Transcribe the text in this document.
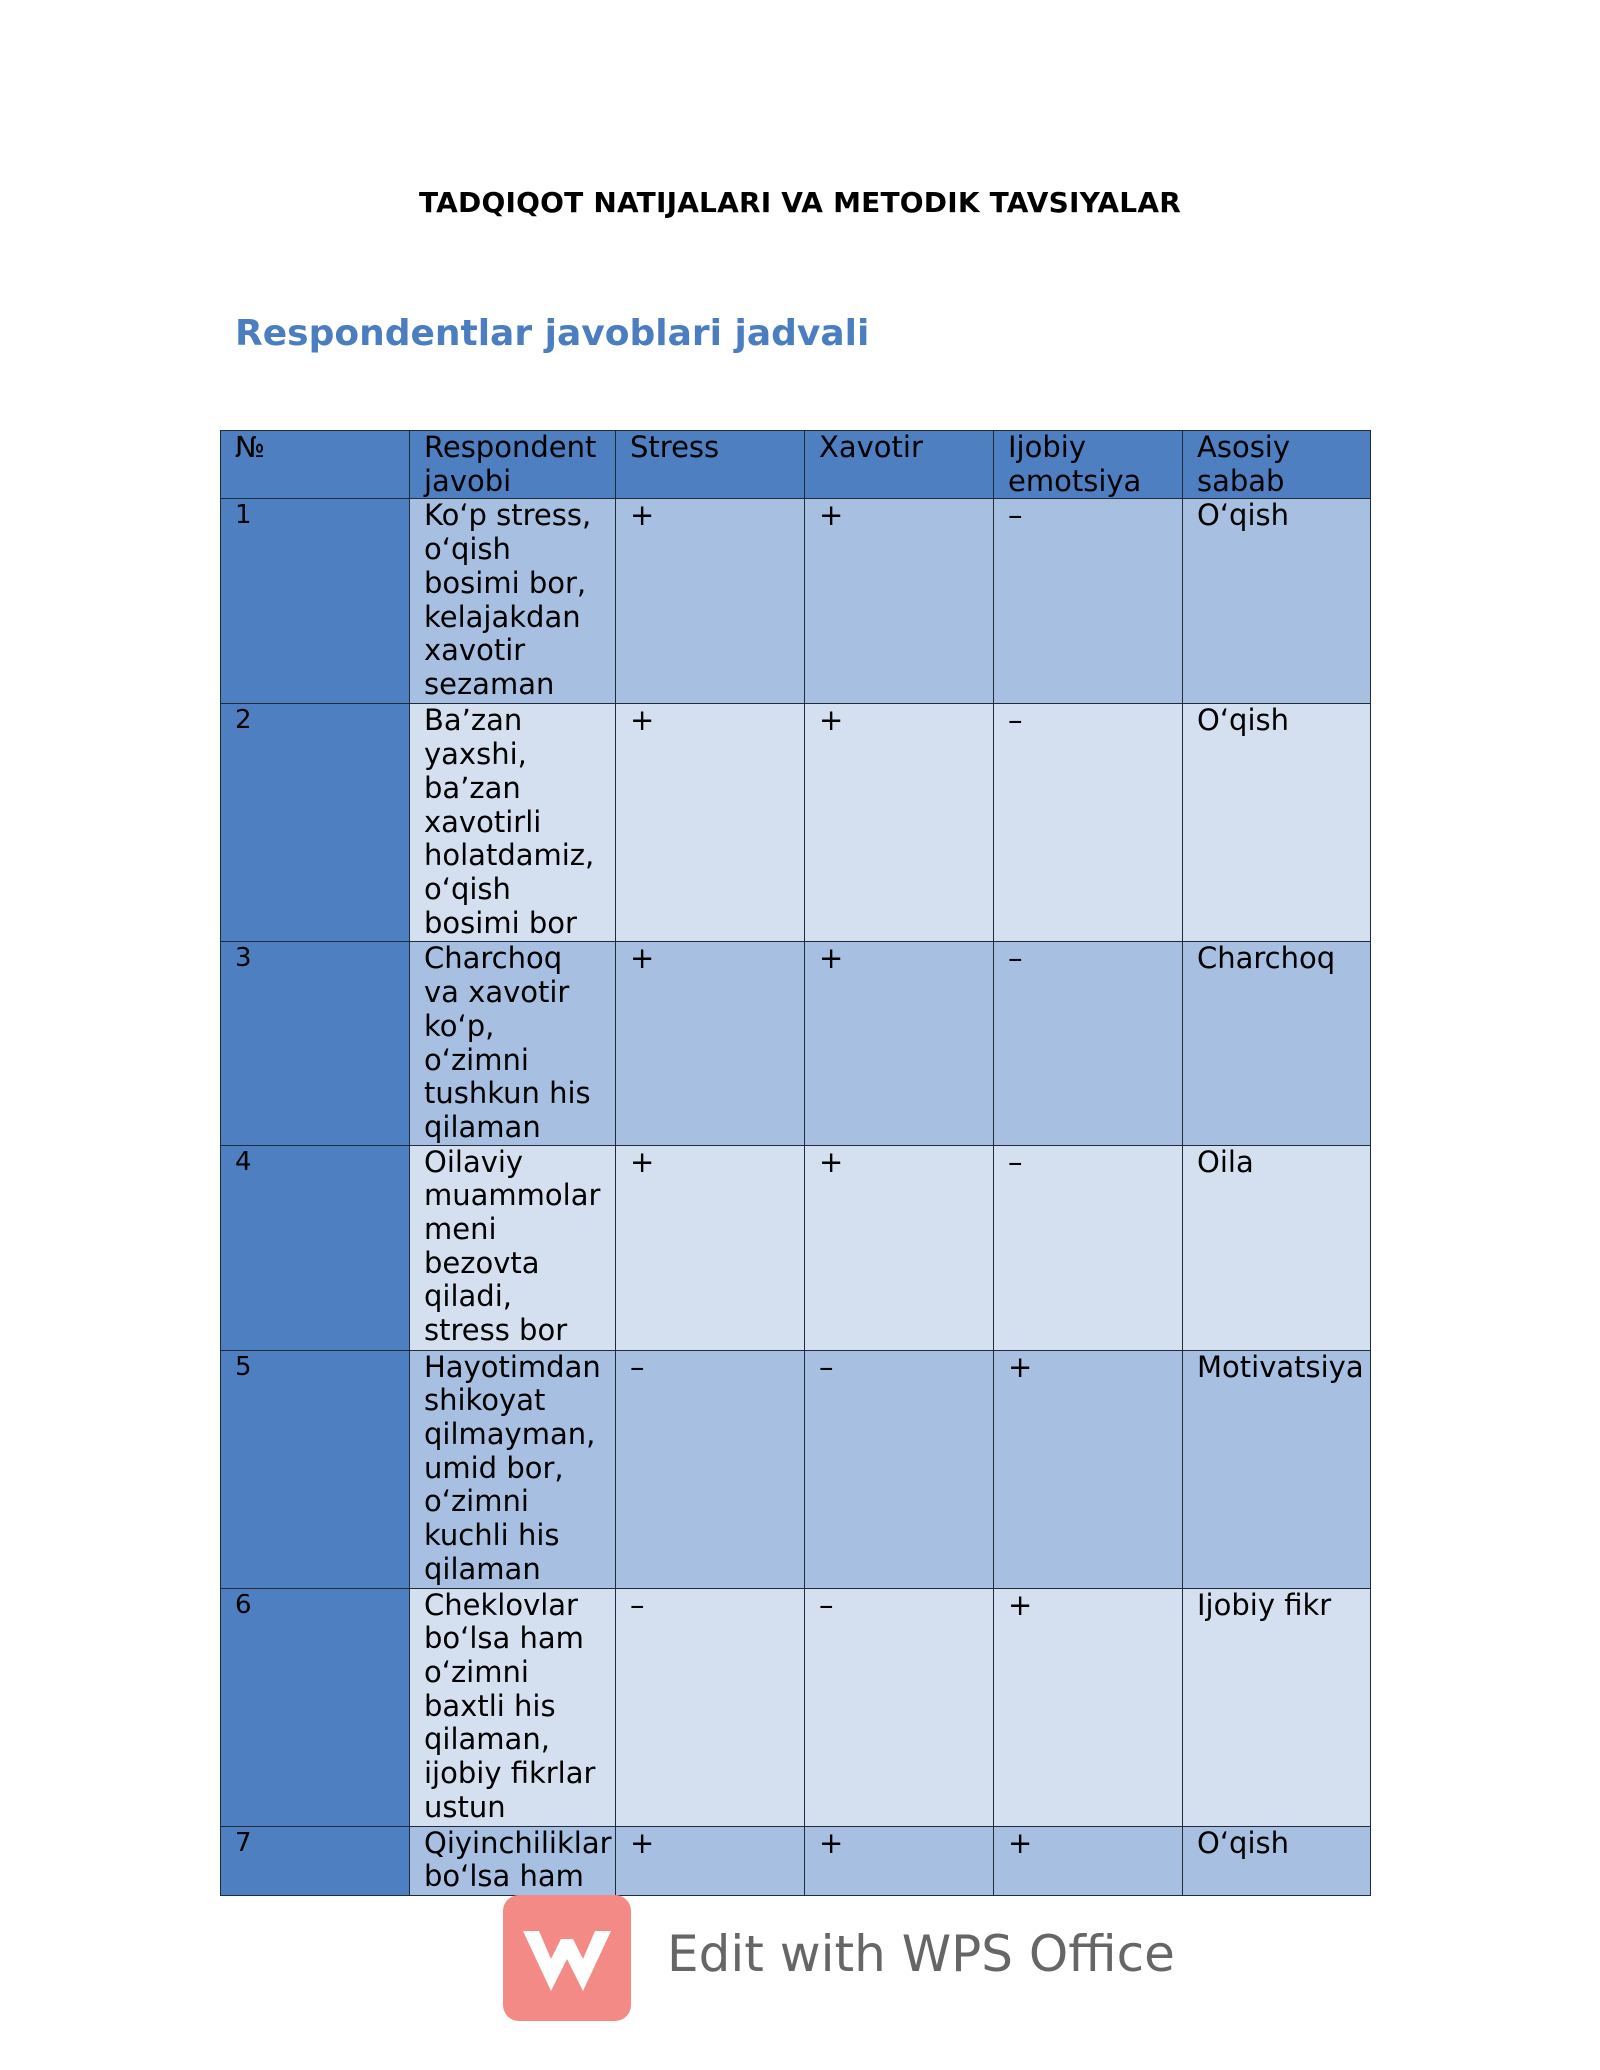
TADQIQOT NATIJALARI VA METODIK TAVSIYALAR
Respondentlar javoblari jadvali
№	Respondent javobi	Stress	Xavotir	Ijobiy emotsiya	Asosiy sabab
1	Ko‘p stress, o‘qish bosimi bor, kelajakdan xavotir sezaman	+	+	–	O‘qish
2	Ba’zan yaxshi, ba’zan xavotirli holatdamiz, o‘qish bosimi bor	+	+	–	O‘qish
3	Charchoq va xavotir ko‘p, o‘zimni tushkun his qilaman	+	+	–	Charchoq
4	Oilaviy muammolar meni bezovta qiladi, stress bor	+	+	–	Oila
5	Hayotimdan shikoyat qilmayman, umid bor, o‘zimni kuchli his qilaman	–	–	+	Motivatsiya
6	Cheklovlar bo‘lsa ham o‘zimni baxtli his qilaman, ijobiy fikrlar ustun	–	–	+	Ijobiy fikr
7	Qiyinchiliklar bo‘lsa ham	+	+	+	O‘qish
Edit with WPS Office
